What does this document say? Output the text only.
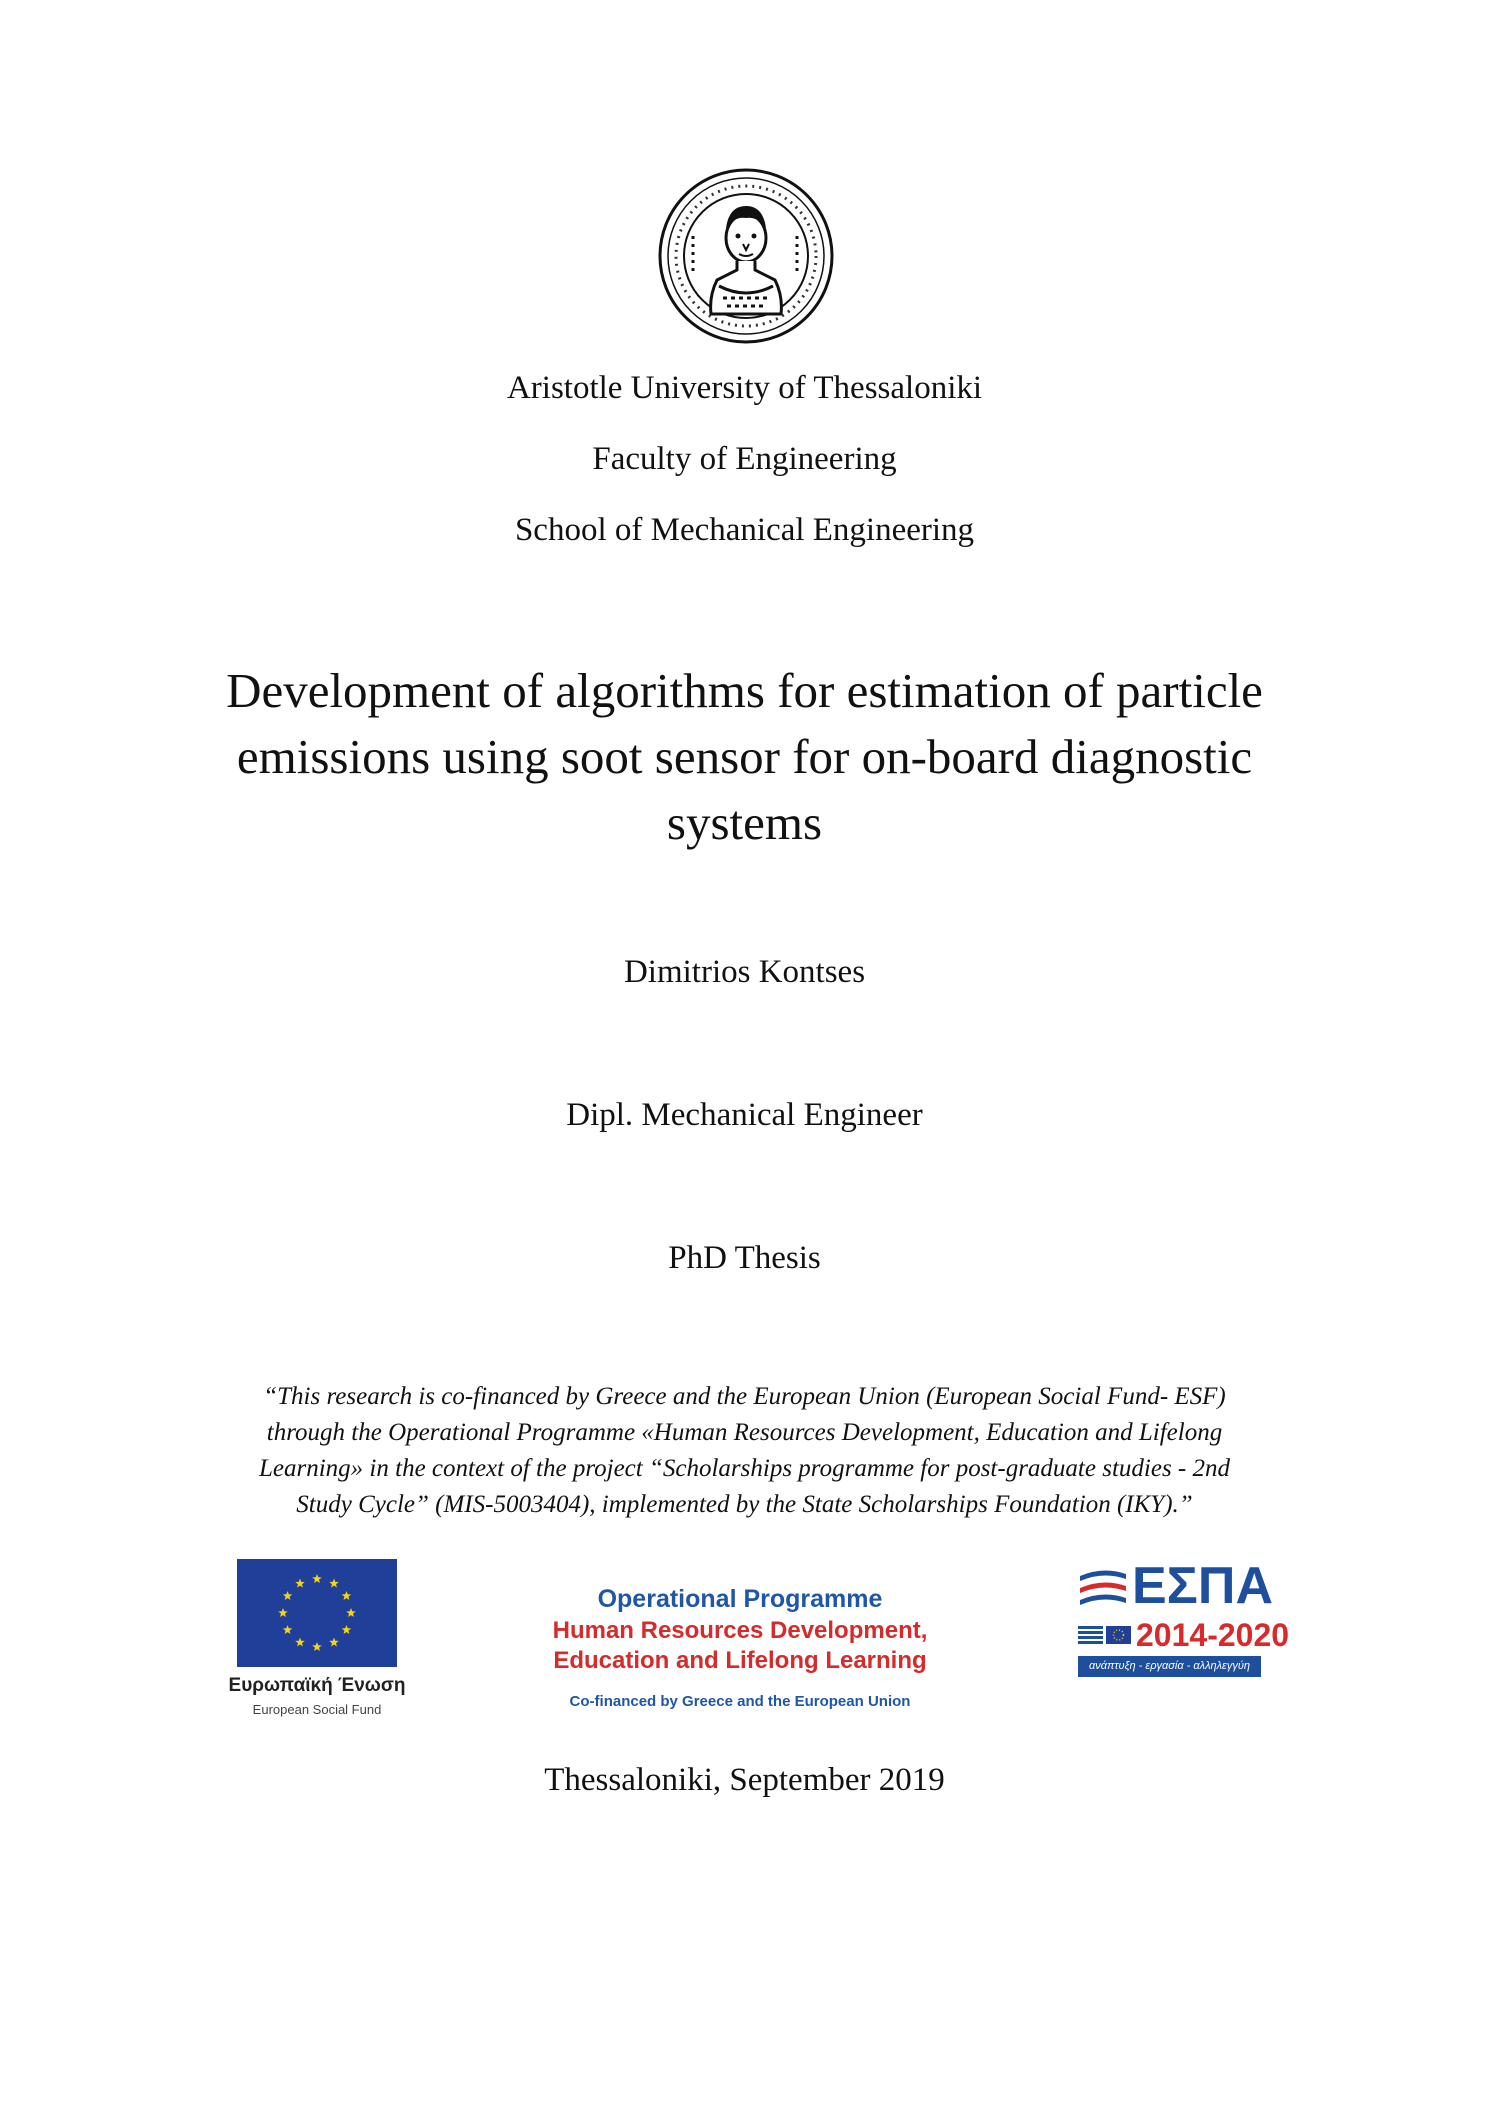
Aristotle University of Thessaloniki
Faculty of Engineering
School of Mechanical Engineering
Development of algorithms for estimation of particle
emissions using soot sensor for on-board diagnostic
systems
Dimitrios Kontses
Dipl. Mechanical Engineer
PhD Thesis
“This research is co-financed by Greece and the European Union (European Social Fund- ESF)
through the Operational Programme «Human Resources Development, Education and Lifelong
Learning» in the context of the project “Scholarships programme for post-graduate studies - 2nd
Study Cycle” (MIS-5003404), implemented by the State Scholarships Foundation (IKY).”
Ευρωπαϊκή Ένωση
European Social Fund
Operational Programme
Human Resources Development,
Education and Lifelong Learning
Co-financed by Greece and the European Union
ΕΣΠΑ
2014-2020
ανάπτυξη - εργασία - αλληλεγγύη
Thessaloniki, September 2019
